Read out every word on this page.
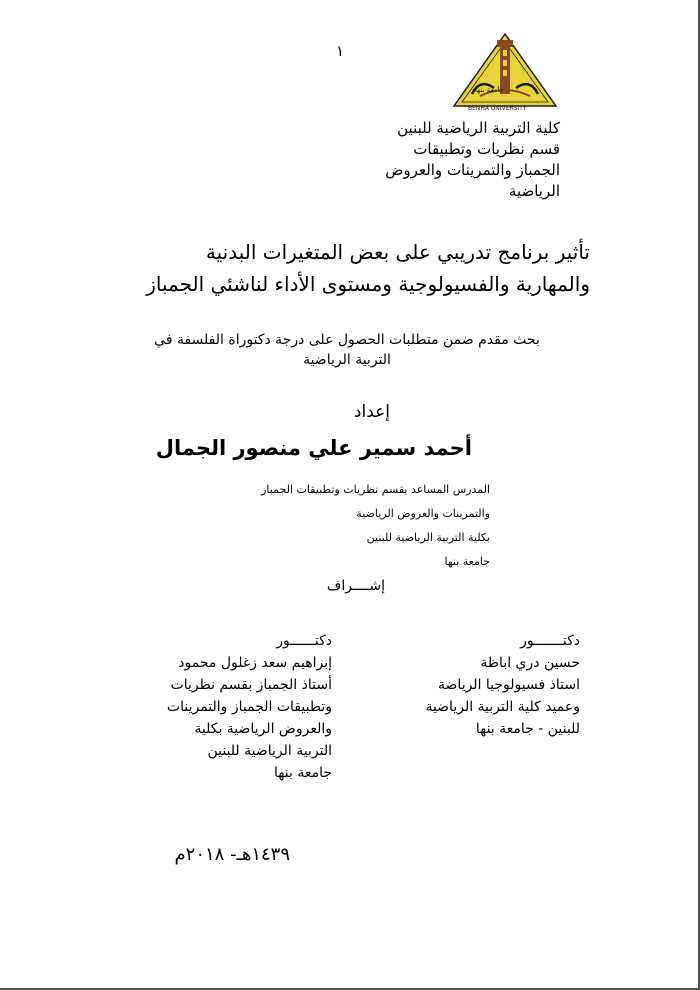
١
جامعة بنها
BENHA UNIVERSITY
كلية التربية الرياضية للبنين
قسم نظريات وتطبيقات
الجمباز والتمرينات والعروض
الرياضية
تأثير برنامج تدريبي على بعض المتغيرات البدنية
والمهارية والفسيولوجية ومستوى الأداء لناشئي الجمباز
بحث مقدم ضمن متطلبات الحصول على درجة دكتوراة الفلسفة في
التربية الرياضية
إعداد
أحمد سمير علي منصور الجمال
المدرس المساعد بقسم نظريات وتطبيقات الجمباز
والتمرينات والعروض الرياضية
بكلية التربية الرياضية للبنين
جامعة بنها
إشــــراف
دكتـــــــور
حسين دري اباظة
استاذ فسيولوجيا الرياضة
وعميد كلية التربية الرياضية
للبنين - جامعة بنها
دكتــــــور
إبراهيم سعد زغلول محمود
أستاذ الجمباز بقسم نظريات
وتطبيقات الجمباز والتمرينات
والعروض الرياضية بكلية
التربية الرياضية للبنين
جامعة بنها
١٤٣٩هـ- ٢٠١٨م
